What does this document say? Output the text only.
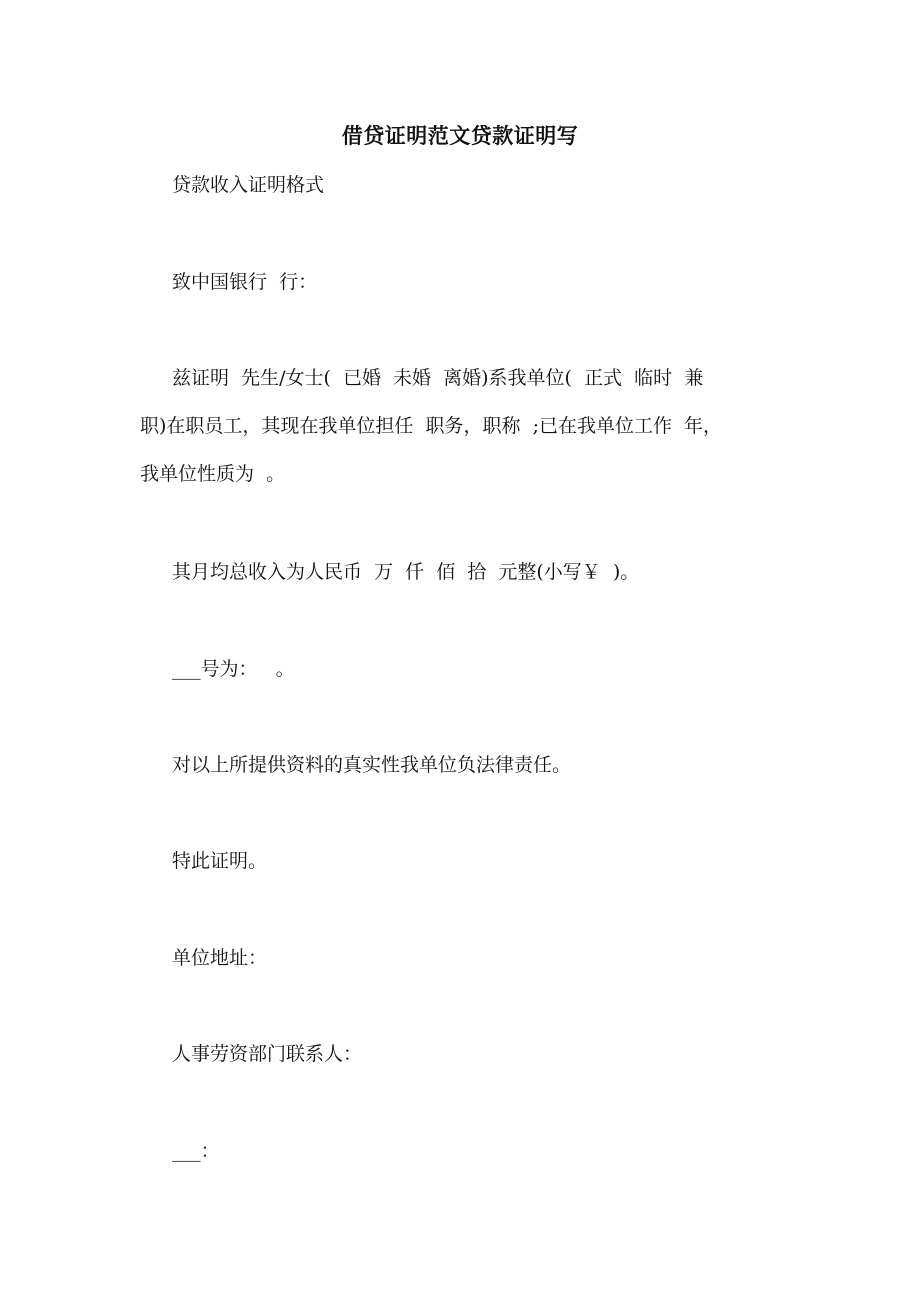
借贷证明范文贷款证明写

贷款收入证明格式

致中国银行  行：

兹证明  先生/女士(  已婚  未婚  离婚)系我单位(  正式  临时  兼

职)在职员工，其现在我单位担任  职务，职称  ;已在我单位工作  年，

我单位性质为  。

其月均总收入为人民币  万  仟  佰  拾  元整(小写￥  )。

___号为：   。

对以上所提供资料的真实性我单位负法律责任。

特此证明。

单位地址：

人事劳资部门联系人：

___：
